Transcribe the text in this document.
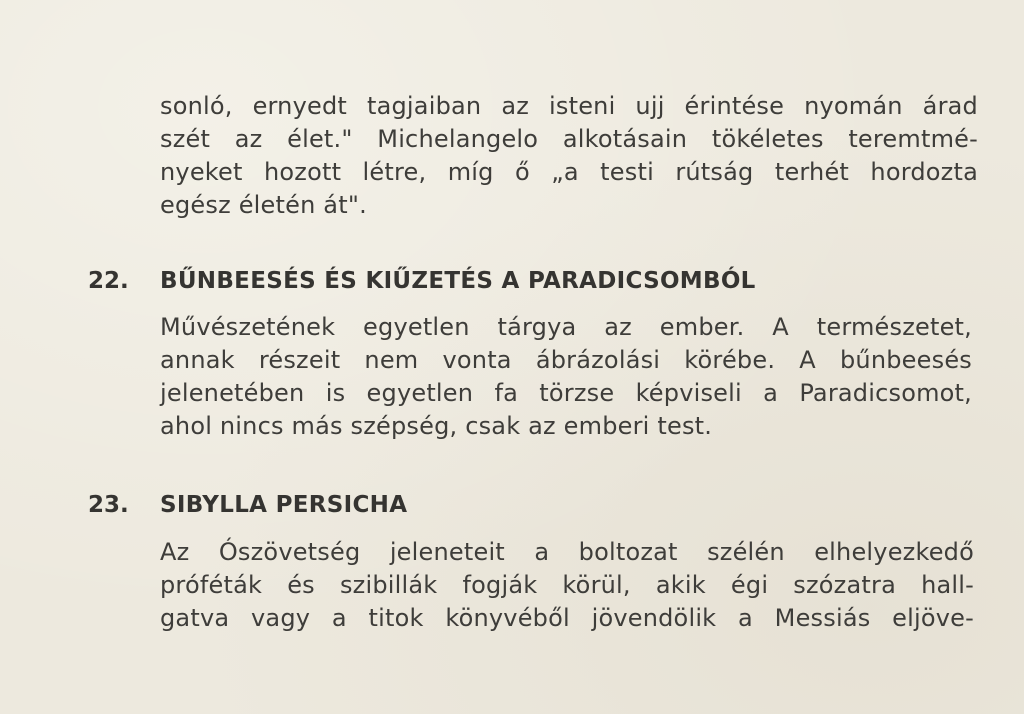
sonló, ernyedt tagjaiban az isteni ujj érintése nyomán árad
szét az élet." Michelangelo alkotásain tökéletes teremtmé-
nyeket hozott létre, míg ő „a testi rútság terhét hordozta
egész életén át".
22. BŰNBEESÉS ÉS KIŰZETÉS A PARADICSOMBÓL
Művészetének egyetlen tárgya az ember. A természetet,
annak részeit nem vonta ábrázolási körébe. A bűnbeesés
jelenetében is egyetlen fa törzse képviseli a Paradicsomot,
ahol nincs más szépség, csak az emberi test.
23. SIBYLLA PERSICHA
Az Ószövetség jeleneteit a boltozat szélén elhelyezkedő
próféták és szibillák fogják körül, akik égi szózatra hall-
gatva vagy a titok könyvéből jövendölik a Messiás eljöve-
